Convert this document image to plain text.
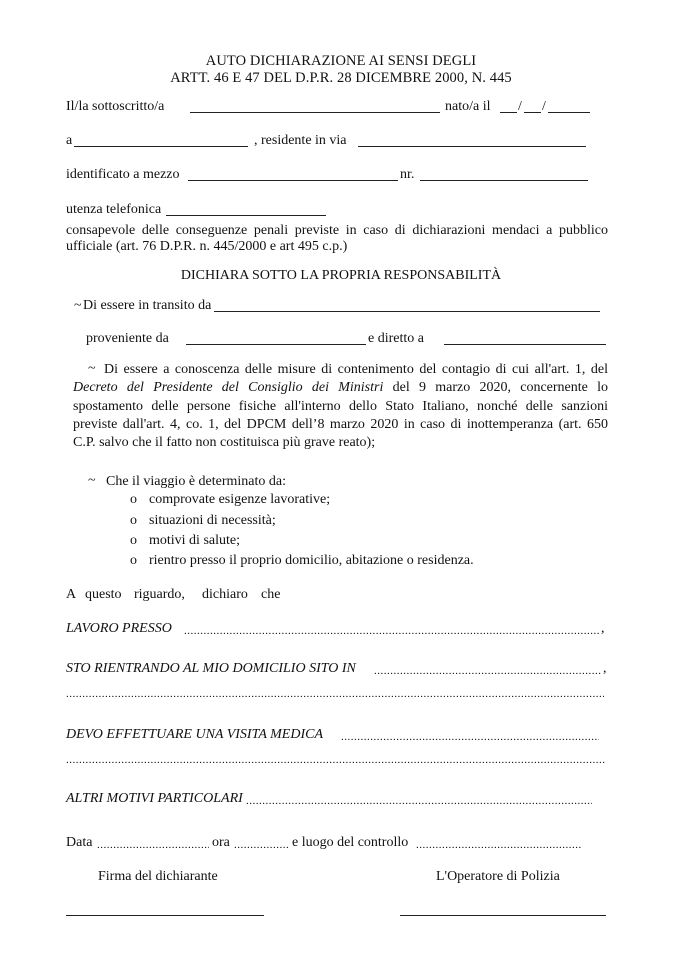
AUTO DICHIARAZIONE AI SENSI DEGLI
ARTT. 46 E 47 DEL D.P.R. 28 DICEMBRE 2000, N. 445
Il/la sottoscritto/a	nato/a il / /
a	, residente in via
identificato a mezzo	nr.
utenza telefonica
consapevole delle conseguenze penali previste in caso di dichiarazioni mendaci a pubblico
ufficiale (art. 76 D.P.R. n. 445/2000 e art 495 c.p.)
DICHIARA SOTTO LA PROPRIA RESPONSABILITÀ
~ Di essere in transito da
proveniente da	e diretto a
~ Di essere a conoscenza delle misure di contenimento del contagio di cui all'art. 1, del
Decreto del Presidente del Consiglio dei Ministri del 9 marzo 2020, concernente lo
spostamento delle persone fisiche all'interno dello Stato Italiano, nonché delle sanzioni
previste dall'art. 4, co. 1, del DPCM dell’8 marzo 2020 in caso di inottemperanza (art. 650
C.P. salvo che il fatto non costituisca più grave reato);
~ Che il viaggio è determinato da:
o comprovate esigenze lavorative;
o situazioni di necessità;
o motivi di salute;
o rientro presso il proprio domicilio, abitazione o residenza.
A questo riguardo, dichiaro che
LAVORO PRESSO .....	,
STO RIENTRANDO AL MIO DOMICILIO SITO IN .....	,
.....
DEVO EFFETTUARE UNA VISITA MEDICA
.....
.....
ALTRI MOTIVI PARTICOLARI
.....
Data .....	ora .....	e luogo del controllo
.....
Firma del dichiarante	L'Operatore di Polizia
